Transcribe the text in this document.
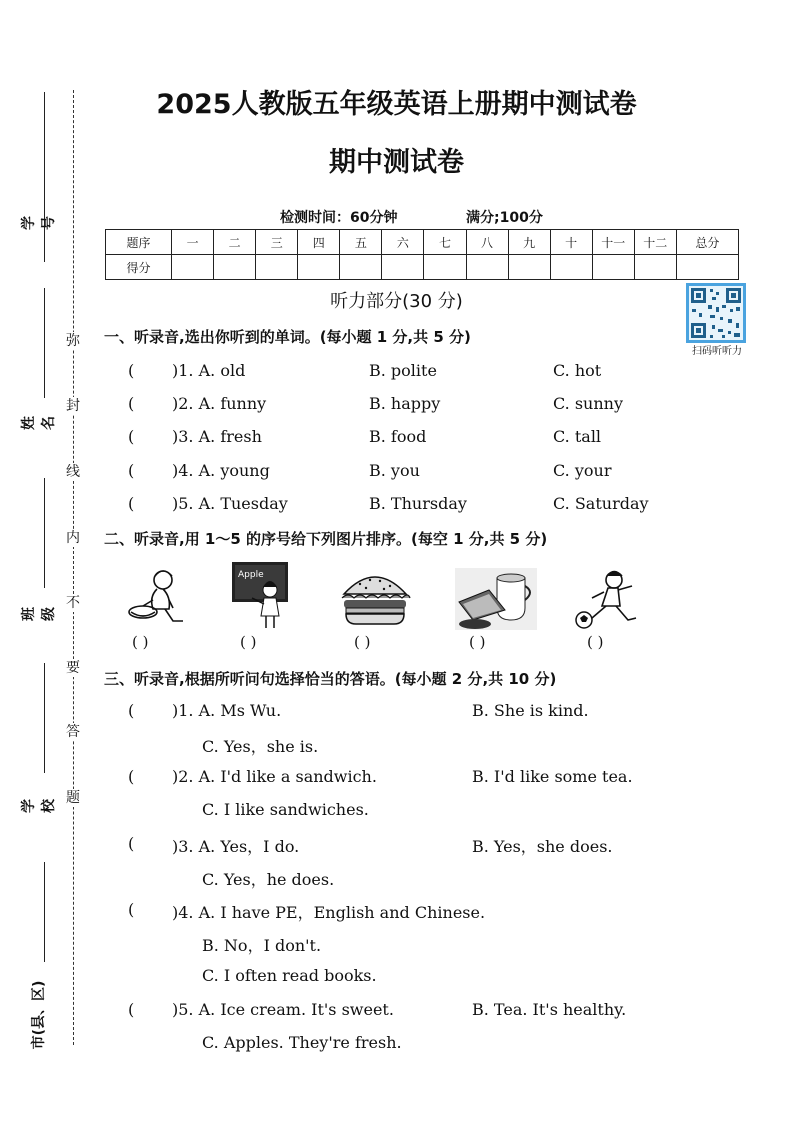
学号
姓名
班级
学校
市(县、区)
弥
封
线
内
不
要
答
题
2025人教版五年级英语上册期中测试卷
期中测试卷
检测时间：60分钟	满分;100分
题序	一	二	三	四	五	六	七	八	九	十	十一	十二	总分
得分													
扫码听听力
听力部分(30 分)
一、听录音,选出你听到的单词。(每小题 1 分,共 5 分)
( )1. A. old	B. polite	C. hot
( )2. A. funny	B. happy	C. sunny
( )3. A. fresh	B. food	C. tall
( )4. A. young	B. you	C. your
( )5. A. Tuesday	B. Thursday	C. Saturday
二、听录音,用 1～5 的序号给下列图片排序。(每空 1 分,共 5 分)
Apple
( )	( )	( )	( )	( )
三、听录音,根据所听问句选择恰当的答语。(每小题 2 分,共 10 分)
( )1. A. Ms Wu.	B. She is kind.
C. Yes，she is.
( )2. A. I'd like a sandwich.	B. I'd like some tea.
C. I like sandwiches.
( )3. A. Yes，I do.	B. Yes，she does.
C. Yes，he does.
( )4. A. I have PE，English and Chinese.
B. No，I don't.
C. I often read books.
( )5. A. Ice cream. It's sweet.	B. Tea. It's healthy.
C. Apples. They're fresh.
